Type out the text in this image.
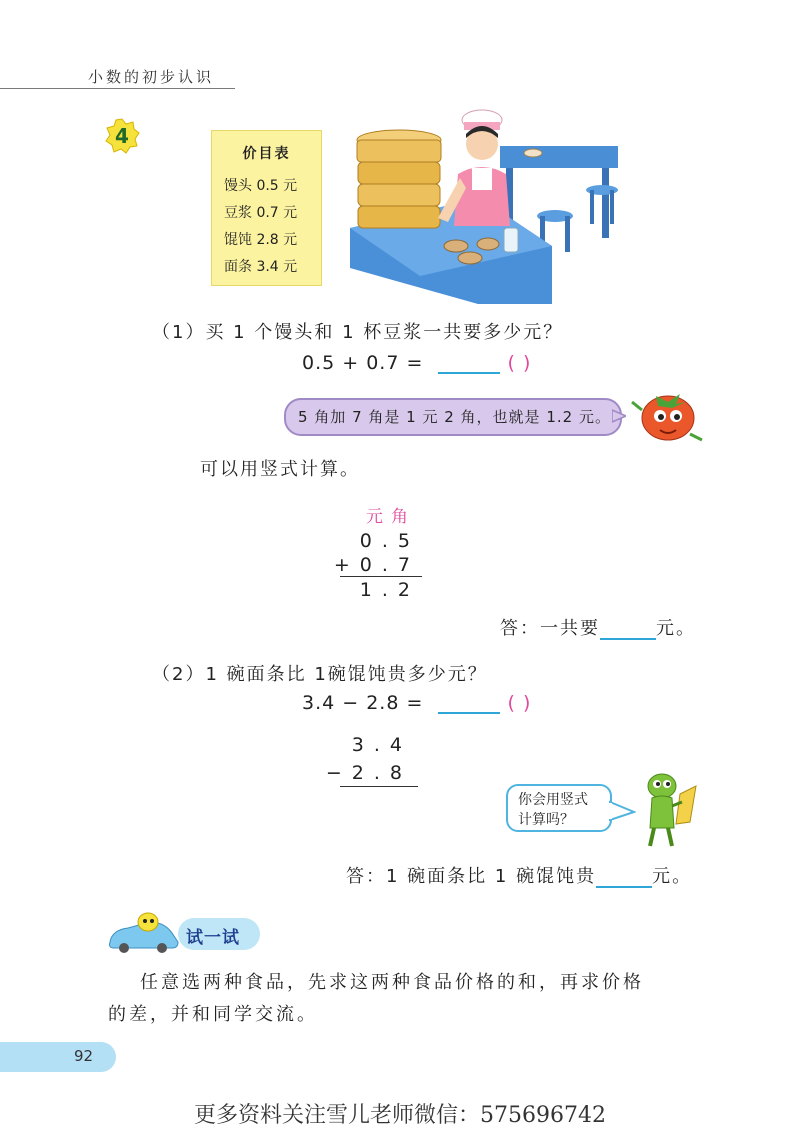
小数的初步认识
4
价目表
馒头 0.5 元
豆浆 0.7 元
馄饨 2.8 元
面条 3.4 元
（1）买 1 个馒头和 1 杯豆浆一共要多少元？
0.5 + 0.7 =	( )
5 角加 7 角是 1 元 2 角，也就是 1.2 元。
可以用竖式计算。
元角
0.5
+0.7
1.2
答：一共要	元。
（2）1 碗面条比 1碗馄饨贵多少元？
3.4 − 2.8 =	( )
3.4
−2.8
你会用竖式
计算吗？
答：1 碗面条比 1 碗馄饨贵	元。
试一试
任意选两种食品，先求这两种食品价格的和，再求价格
的差，并和同学交流。
92
更多资料关注雪儿老师微信：575696742
